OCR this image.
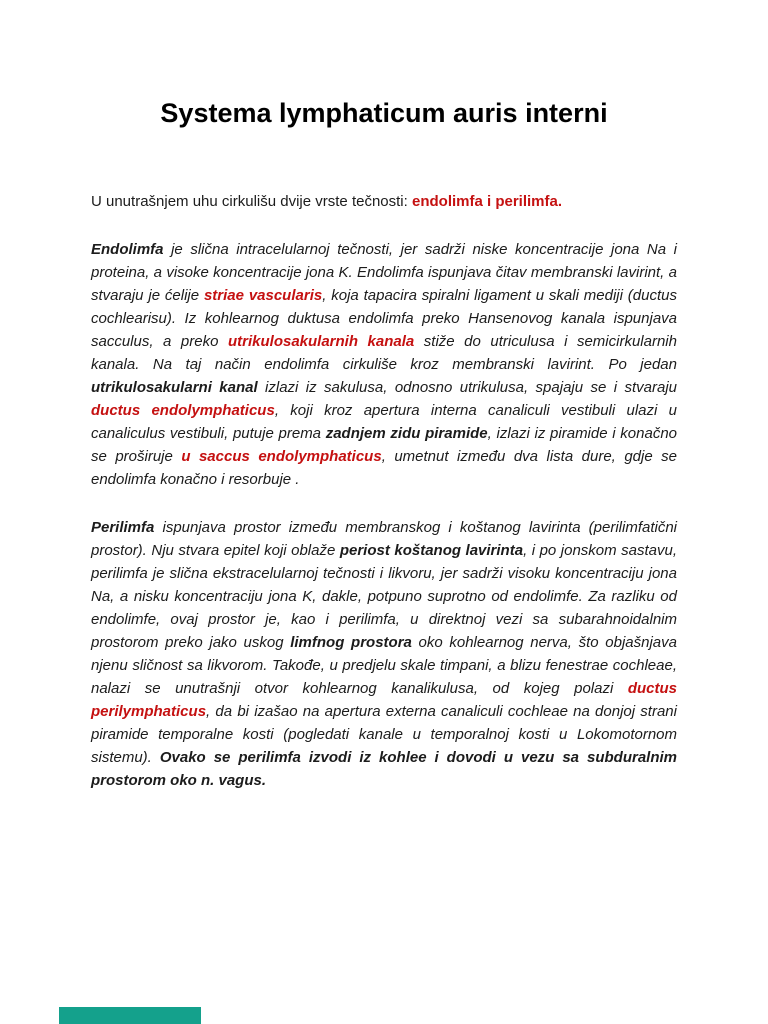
Systema lymphaticum auris interni

U unutrašnjem uhu cirkulišu dvije vrste tečnosti: endolimfa i perilimfa.

Endolimfa je slična intracelularnoj tečnosti, jer sadrži niske koncentracije jona Na i proteina, a visoke koncentracije jona K. Endolimfa ispunjava čitav membranski lavirint, a stvaraju je ćelije striae vascularis, koja tapacira spiralni ligament u skali mediji (ductus cochlearisu). Iz kohlearnog duktusa endolimfa preko Hansenovog kanala ispunjava sacculus, a preko utrikulosakularnih kanala stiže do utriculusa i semicirkularnih kanala. Na taj način endolimfa cirkuliše kroz membranski lavirint. Po jedan utrikulosakularni kanal izlazi iz sakulusa, odnosno utrikulusa, spajaju se i stvaraju ductus endolymphaticus, koji kroz apertura interna canaliculi vestibuli ulazi u canaliculus vestibuli, putuje prema zadnjem zidu piramide, izlazi iz piramide i konačno se proširuje u saccus endolymphaticus, umetnut između dva lista dure, gdje se endolimfa konačno i resorbuje .

Perilimfa ispunjava prostor između membranskog i koštanog lavirinta (perilimfatični prostor). Nju stvara epitel koji oblaže periost koštanog lavirinta, i po jonskom sastavu, perilimfa je slična ekstracelularnoj tečnosti i likvoru, jer sadrži visoku koncentraciju jona Na, a nisku koncentraciju jona K, dakle, potpuno suprotno od endolimfe. Za razliku od endolimfe, ovaj prostor je, kao i perilimfa, u direktnoj vezi sa subarahnoidalnim prostorom preko jako uskog limfnog prostora oko kohlearnog nerva, što objašnjava njenu sličnost sa likvorom. Takođe, u predjelu skale timpani, a blizu fenestrae cochleae, nalazi se unutrašnji otvor kohlearnog kanalikulusa, od kojeg polazi ductus perilymphaticus, da bi izašao na apertura externa canaliculi cochleae na donjoj strani piramide temporalne kosti (pogledati kanale u temporalnoj kosti u Lokomotornom sistemu). Ovako se perilimfa izvodi iz kohlee i dovodi u vezu sa subduralnim prostorom oko n. vagus.
